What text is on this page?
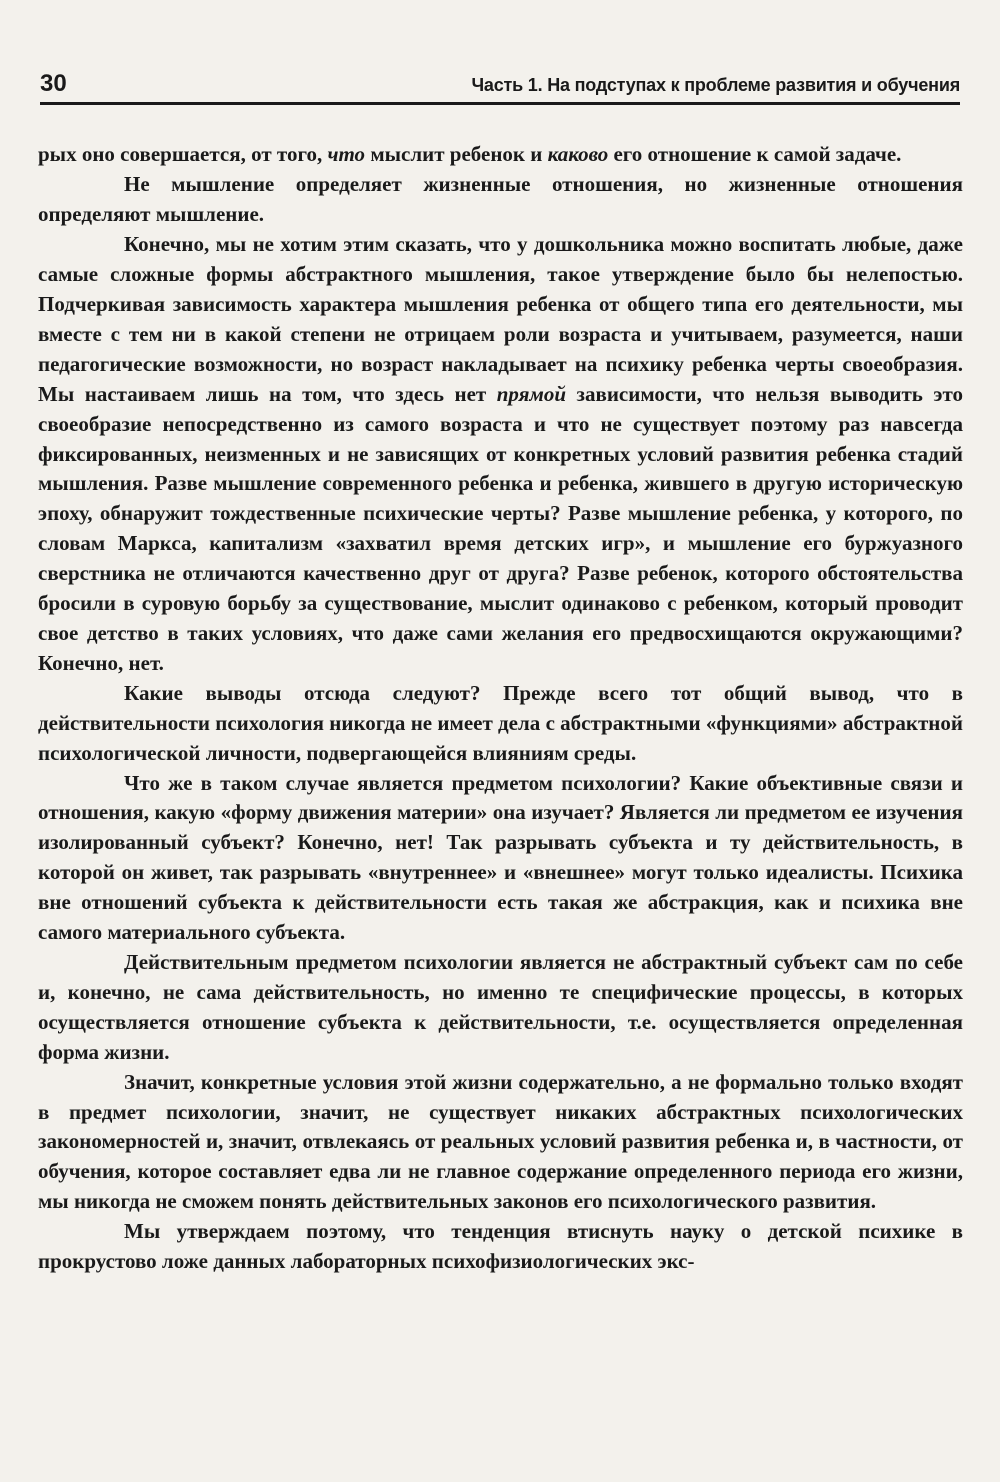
30	Часть 1. На подступах к проблеме развития и обучения

рых оно совершается, от того, что мыслит ребенок и каково его отношение к самой задаче.

Не мышление определяет жизненные отношения, но жизненные отношения определяют мышление.

Конечно, мы не хотим этим сказать, что у дошкольника можно воспитать любые, даже самые сложные формы абстрактного мышления, такое утверждение было бы нелепостью. Подчеркивая зависимость характера мышления ребенка от общего типа его деятельности, мы вместе с тем ни в какой степени не отрицаем роли возраста и учитываем, разумеется, наши педагогические возможности, но возраст накладывает на психику ребенка черты своеобразия. Мы настаиваем лишь на том, что здесь нет прямой зависимости, что нельзя выводить это своеобразие непосредственно из самого возраста и что не существует поэтому раз навсегда фиксированных, неизменных и не зависящих от конкретных условий развития ребенка стадий мышления. Разве мышление современного ребенка и ребенка, жившего в другую историческую эпоху, обнаружит тождественные психические черты? Разве мышление ребенка, у которого, по словам Маркса, капитализм «захватил время детских игр», и мышление его буржуазного сверстника не отличаются качественно друг от друга? Разве ребенок, которого обстоятельства бросили в суровую борьбу за существование, мыслит одинаково с ребенком, который проводит свое детство в таких условиях, что даже сами желания его предвосхищаются окружающими? Конечно, нет.

Какие выводы отсюда следуют? Прежде всего тот общий вывод, что в действительности психология никогда не имеет дела с абстрактными «функциями» абстрактной психологической личности, подвергающейся влияниям среды.

Что же в таком случае является предметом психологии? Какие объективные связи и отношения, какую «форму движения материи» она изучает? Является ли предметом ее изучения изолированный субъект? Конечно, нет! Так разрывать субъекта и ту действительность, в которой он живет, так разрывать «внутреннее» и «внешнее» могут только идеалисты. Психика вне отношений субъекта к действительности есть такая же абстракция, как и психика вне самого материального субъекта.

Действительным предметом психологии является не абстрактный субъект сам по себе и, конечно, не сама действительность, но именно те специфические процессы, в которых осуществляется отношение субъекта к действительности, т.е. осуществляется определенная форма жизни.

Значит, конкретные условия этой жизни содержательно, а не формально только входят в предмет психологии, значит, не существует никаких абстрактных психологических закономерностей и, значит, отвлекаясь от реальных условий развития ребенка и, в частности, от обучения, которое составляет едва ли не главное содержание определенного периода его жизни, мы никогда не сможем понять действительных законов его психологического развития.

Мы утверждаем поэтому, что тенденция втиснуть науку о детской психике в прокрустово ложе данных лабораторных психофизиологических экс-
